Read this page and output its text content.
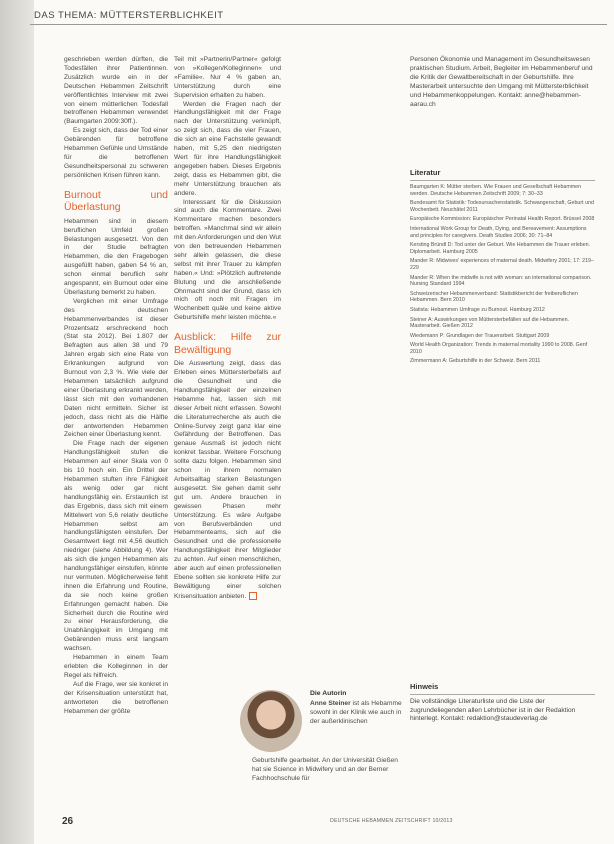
DAS THEMA: MÜTTERSTERBLICHKEIT

geschrieben werden dürften, die Todesfällen ihrer Patientinnen. Zusätzlich wurde ein in der Deutschen Hebammen Zeitschrift veröffentlichtes Interview mit zwei von einem mütterlichen Todesfall betroffenen Hebammen verwendet (Baumgarten 2009:30ff.).

Es zeigt sich, dass der Tod einer Gebärenden für betroffene Hebammen Gefühle und Umstände für die betroffenen Gesundheitspersonal zu schweren persönlichen Krisen führen kann.

Burnout und Überlastung

Hebammen sind in diesem beruflichen Umfeld großen Belastungen ausgesetzt. Von den in der Studie befragten Hebammen, die den Fragebogen ausgefüllt haben, gaben 54 % an, schon einmal beruflich sehr angespannt, ein Burnout oder eine Überlastung bemerkt zu haben.

Verglichen mit einer Umfrage des deutschen Hebammenverbandes ist dieser Prozentsatz erschreckend hoch (Stat sta 2012). Bei 1.807 der Befragten aus allen 38 und 79 Jahren ergab sich eine Rate von Erkrankungen aufgrund von Burnout von 2,3 %. Wie viele der Hebammen tatsächlich aufgrund einer Überlastung erkrankt werden, lässt sich mit den vorhandenen Daten nicht ermitteln. Sicher ist jedoch, dass nicht als die Hälfte der antwortenden Hebammen Zeichen einer Überlastung kennt.

Die Frage nach der eigenen Handlungsfähigkeit stufen die Hebammen auf einer Skala von 0 bis 10 hoch ein. Ein Drittel der Hebammen stuften ihre Fähigkeit als wenig oder gar nicht handlungsfähig ein. Erstaunlich ist das Ergebnis, dass sich mit einem Mittelwert von 5,6 relativ deutliche Hebammen selbst am handlungsfähigsten einstufen. Der Gesamtwert liegt mit 4,56 deutlich niedriger (siehe Abbildung 4). Wer als sich die jungen Hebammen als handlungsfähiger einstufen, könnte nur vermuten. Möglicherweise fehlt ihnen die Erfahrung und Routine, da sie noch keine großen Erfahrungen gemacht haben. Die Sicherheit durch die Routine wird zu einer Herausforderung, die Unabhängigkeit im Umgang mit Gebärenden muss erst langsam wachsen.

Hebammen in einem Team erlebten die Kolleginnen in der Regel als hilfreich.

Auf die Frage, wer sie konkret in der Krisensituation unterstützt hat, antworteten die betroffenen Hebammen der größte

Teil mit »Partnerin/Partner« gefolgt von »Kollegen/Kolleginnen« und »Familie«. Nur 4 % gaben an, Unterstützung durch eine Supervision erhalten zu haben.

Werden die Fragen nach der Handlungsfähigkeit mit der Frage nach der Unterstützung verknüpft, so zeigt sich, dass die vier Frauen, die sich an eine Fachstelle gewandt haben, mit 5,25 den niedrigsten Wert für ihre Handlungsfähigkeit angegeben haben. Dieses Ergebnis zeigt, dass es Hebammen gibt, die mehr Unterstützung brauchen als andere.

Interessant für die Diskussion sind auch die Kommentare. Zwei Kommentare machen besonders betroffen. »Manchmal sind wir allein mit den Anforderungen und den Wut von den betreuenden Hebammen sehr allein gelassen, die diese selbst mit ihrer Trauer zu kämpfen haben.« Und: »Plötzlich auftretende Blutung und die anschließende Ohnmacht sind der Grund, dass ich mich oft noch mit Fragen im Wochenbett quäle und keine aktive Geburtshilfe mehr leisten möchte.«

Ausblick: Hilfe zur Bewältigung

Die Auswertung zeigt, dass das Erleben eines Müttersterbefalls auf die Gesundheit und die Handlungsfähigkeit der einzelnen Hebamme hat, lassen sich mit dieser Arbeit nicht erfassen. Sowohl die Literaturrecherche als auch die Online-Survey zeigt ganz klar eine Gefährdung der Betroffenen. Das genaue Ausmaß ist jedoch nicht konkret fassbar. Weitere Forschung sollte dazu folgen. Hebammen sind schon in ihrem normalen Arbeitsalltag starken Belastungen ausgesetzt. Sie gehen damit sehr gut um. Andere brauchen in gewissen Phasen mehr Unterstützung. Es wäre Aufgabe von Berufsverbänden und Hebammenteams, sich auf die Gesundheit und die professionelle Handlungsfähigkeit ihrer Mitglieder zu achten. Auf einen menschlichen, aber auch auf einen professionellen Ebene sollten sie konkrete Hilfe zur Bewältigung einer solchen Krisensituation anbieten.

Personen Ökonomie und Management im Gesundheitswesen praktischen Studium. Arbeit, Begleiter im Hebammenberuf und die Kritik der Gewaltbereitschaft in der Geburtshilfe. Ihre Masterarbeit untersuchte den Umgang mit Müttersterblichkeit und Hebammenkoppelungen. Kontakt: anne@hebammen-aarau.ch

Literatur
Baumgarten K: Mütter sterben. Wie Frauen und Gesellschaft Hebammen werden. Deutsche Hebammen Zeitschrift 2009; 7: 30–33
Bundesamt für Statistik: Todesursachenstatistik. Schwangerschaft, Geburt und Wochenbett. Neuchâtel 2011
Europäische Kommission: Europäischer Perinatal Health Report. Brüssel 2008
International Work Group for Death, Dying, and Bereavement: Assumptions and principles for caregivers. Death Studies 2006; 30: 71–84
Kersting Bründl D: Tod unter der Geburt. Wie Hebammen die Trauer erleben. Diplomarbeit. Hamburg 2005
Mander R: Midwives' experiences of maternal death. Midwifery 2001; 17: 219–229
Mander R: When the midwife is not with woman: an international comparison. Nursing Standard 1994
Schweizerischer Hebammenverband: Statistikbericht der freiberuflichen Hebammen. Bern 2010
Statista: Hebammen Umfrage zu Burnout. Hamburg 2012
Steiner A: Auswirkungen von Müttersterbefällen auf die Hebammen. Masterarbeit. Gießen 2012
Wiedemann P: Grundlagen der Trauerarbeit. Stuttgart 2009
World Health Organization: Trends in maternal mortality 1990 to 2008. Genf 2010
Zimmermann A: Geburtshilfe in der Schweiz. Bern 2011
Hinweis

Die vollständige Literaturliste und die Liste der zugrundeliegenden allen Lehrbücher ist in der Redaktion hinterlegt. Kontakt: redaktion@staudeverlag.de

Die Autorin
Anne Steiner ist als Hebamme sowohl in der Klinik wie auch in der außerklinischen
Geburtshilfe gearbeitet. An der Universität Gießen hat sie Science in Midwifery und an der Berner Fachhochschule für
26	DEUTSCHE HEBAMMEN ZEITSCHRIFT 10/2013
